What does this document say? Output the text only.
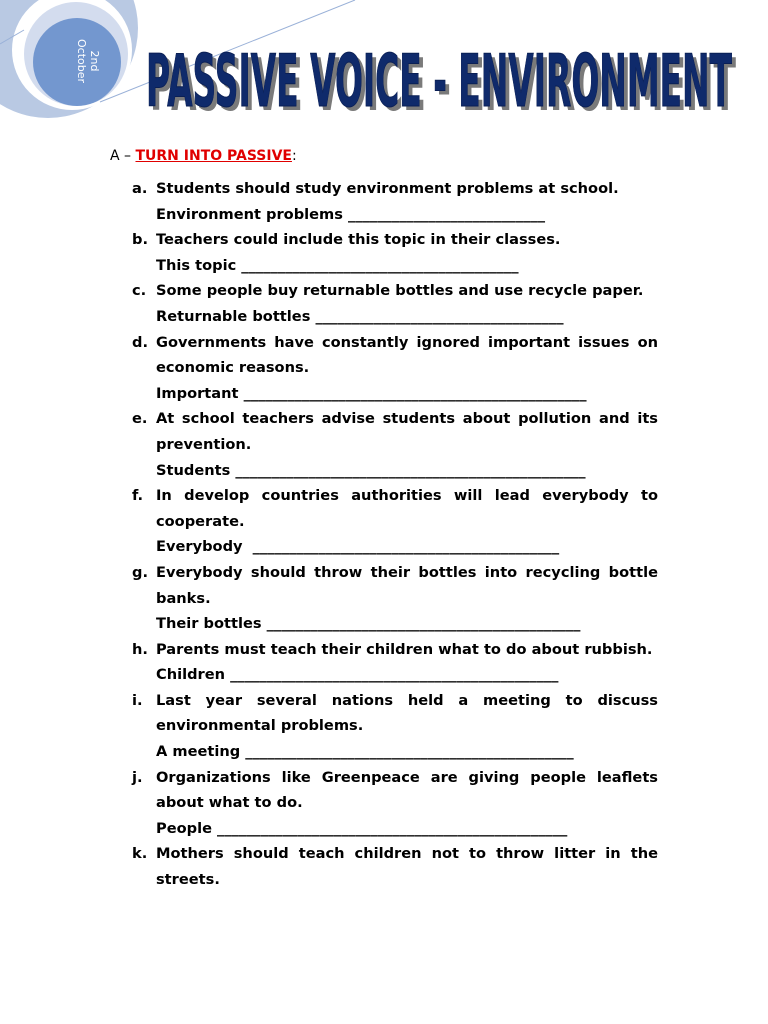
2nd
October PASSIVE VOICE - ENVIRONMENT
PASSIVE VOICE - ENVIRONMENT
A – TURN INTO PASSIVE:
a. Students should study environment problems at school.
Environment problems ___________________________
b. Teachers could include this topic in their classes.
This topic ______________________________________
c. Some people buy returnable bottles and use recycle paper.
Returnable bottles __________________________________
d. Governments have constantly ignored important issues on economic reasons.
Important _______________________________________________
e. At school teachers advise students about pollution and its prevention.
Students ________________________________________________
f. In develop countries authorities will lead everybody to cooperate.
Everybody  __________________________________________
g. Everybody should throw their bottles into recycling bottle banks.
Their bottles ___________________________________________
h. Parents must teach their children what to do about rubbish.
Children _____________________________________________
i. Last year several nations held a meeting to discuss environmental problems.
A meeting _____________________________________________
j. Organizations like Greenpeace are giving people leaflets about what to do.
People ________________________________________________
k. Mothers should teach children not to throw litter in the streets.
